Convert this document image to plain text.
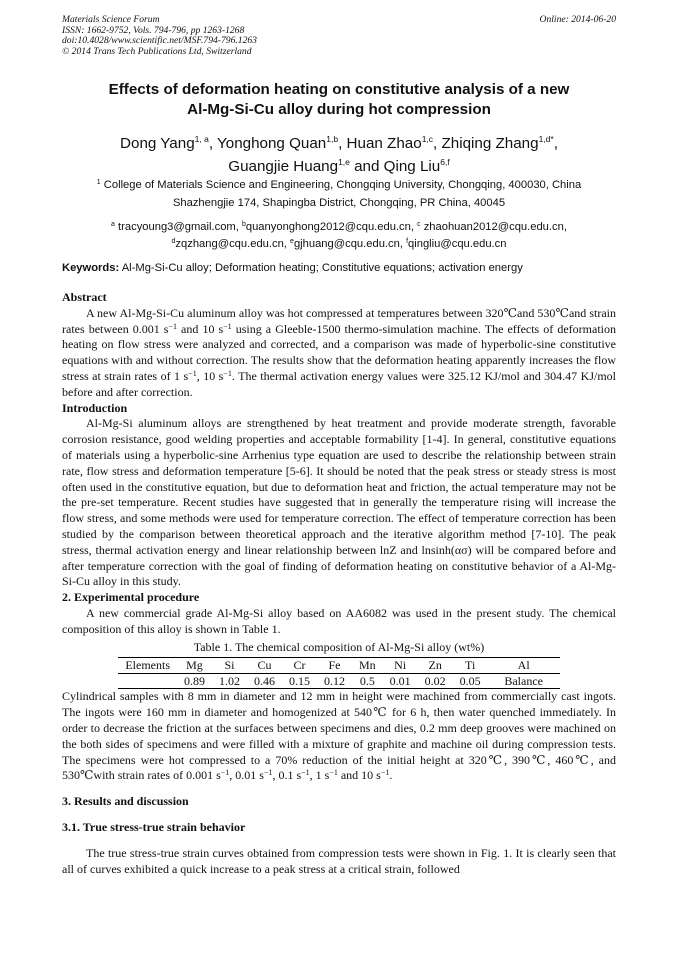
Materials Science Forum
ISSN: 1662-9752, Vols. 794-796, pp 1263-1268
doi:10.4028/www.scientific.net/MSF.794-796.1263
© 2014 Trans Tech Publications Ltd, Switzerland
Online: 2014-06-20
Effects of deformation heating on constitutive analysis of a new
Al-Mg-Si-Cu alloy during hot compression
Dong Yang$^{1, a}$, Yonghong Quan$^{1,b}$, Huan Zhao$^{1,c}$, Zhiqing Zhang$^{1,d*}$,
Guangjie Huang$^{1,e}$ and Qing Liu$^{6,f}$
$^1$ College of Materials Science and Engineering, Chongqing University, Chongqing, 400030, China
Shazhengjie 174, Shapingba District, Chongqing, PR China, 40045
$^a$ tracyoung3@gmail.com, $^b$quanyonghong2012@cqu.edu.cn, $^c$ zhaohuan2012@cqu.edu.cn,
$^d$zqzhang@cqu.edu.cn, $^e$gjhuang@cqu.edu.cn, $^f$qingliu@cqu.edu.cn
Keywords: Al-Mg-Si-Cu alloy; Deformation heating; Constitutive equations; activation energy
Abstract

A new Al-Mg-Si-Cu aluminum alloy was hot compressed at temperatures between 320℃and 530℃and strain rates between 0.001 $s^{-1}$ and 10 $s^{-1}$ using a Gleeble-1500 thermo-simulation machine. The effects of deformation heating on flow stress were analyzed and corrected, and a comparison was made of hyperbolic-sine constitutive equations with and without correction. The results show that the deformation heating apparently increases the flow stress at strain rates of 1 $s^{-1}$, 10 $s^{-1}$. The thermal activation energy values were 325.12 KJ/mol and 304.47 KJ/mol before and after correction.

Introduction

Al-Mg-Si aluminum alloys are strengthened by heat treatment and provide moderate strength, favorable corrosion resistance, good welding properties and acceptable formability [1-4]. In general, constitutive equations of materials using a hyperbolic-sine Arrhenius type equation are used to describe the relationship between strain rate, flow stress and deformation temperature [5-6]. It should be noted that the peak stress or steady stress is most often used in the constitutive equation, but due to deformation heat and friction, the actual temperature may not be the pre-set temperature. Recent studies have suggested that in generally the temperature rising will increase the flow stress, and some methods were used for temperature correction. The effect of temperature correction has been studied by the comparison between theoretical approach and the iterative algorithm method [7-10]. The peak stress, thermal activation energy and linear relationship between lnZ and lnsinh(ασ) will be compared before and after temperature correction with the goal of finding of deformation heating on constitutive behavior of a Al-Mg-Si-Cu alloy in this study.

2. Experimental procedure

A new commercial grade Al-Mg-Si alloy based on AA6082 was used in the present study. The chemical composition of this alloy is shown in Table 1.

Table 1. The chemical composition of Al-Mg-Si alloy (wt%)
Elements	Mg	Si	Cu	Cr	Fe	Mn	Ni	Zn	Ti	Al
	0.89	1.02	0.46	0.15	0.12	0.5	0.01	0.02	0.05	Balance

Cylindrical samples with 8 mm in diameter and 12 mm in height were machined from commercially cast ingots. The ingots were 160 mm in diameter and homogenized at 540℃ for 6 h, then water quenched immediately. In order to decrease the friction at the surfaces between specimens and dies, 0.2 mm deep grooves were machined on the both sides of specimens and were filled with a mixture of graphite and machine oil during compression tests. The specimens were hot compressed to a 70% reduction of the initial height at 320℃, 390℃, 460℃, and 530℃with strain rates of 0.001 $s^{-1}$, 0.01 $s^{-1}$, 0.1 $s^{-1}$, 1 $s^{-1}$ and 10 $s^{-1}$.

3. Results and discussion
3.1. True stress-true strain behavior

The true stress-true strain curves obtained from compression tests were shown in Fig. 1. It is clearly seen that all of curves exhibited a quick increase to a peak stress at a critical strain, followed
